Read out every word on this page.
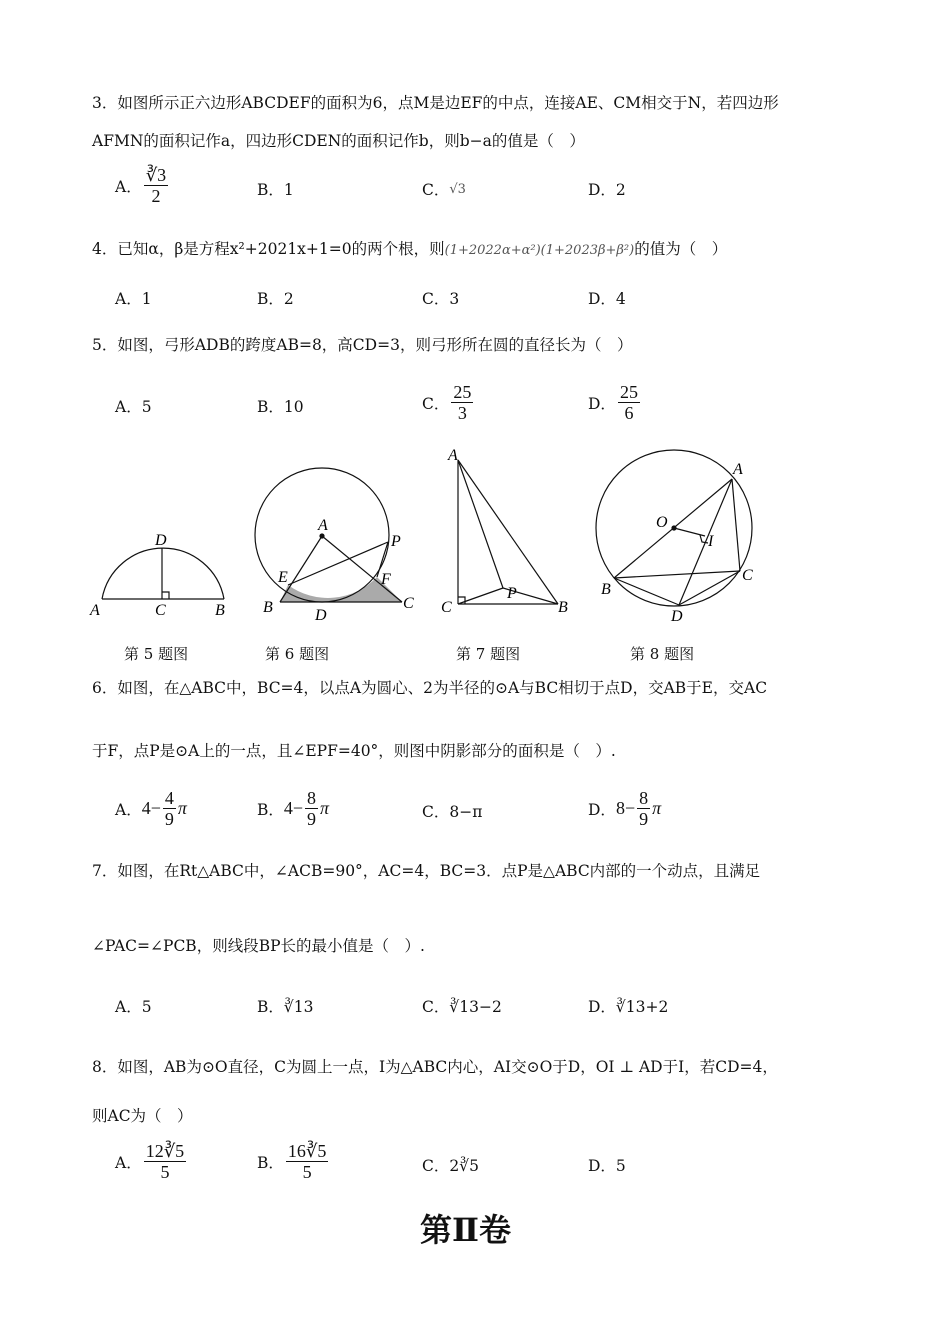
3．如图所示正六边形ABCDEF的面积为6，点M是边EF的中点，连接AE、CM相交于N，若四边形
AFMN的面积记作a，四边形CDEN的面积记作b，则b−a的值是（　）
A． $\frac{∛3}{2}$	B．1	C． √3	D．2
4．已知α，β是方程x²+2021x+1=0的两个根，则(1+2022α+α²)(1+2023β+β²)的值为（　）
A．1	B．2	C．3	D．4
5．如图，弓形ADB的跨度AB=8，高CD=3，则弓形所在圆的直径长为（　）
A．5	B．10	C． $\frac{25}{3}$	D． $\frac{25}{6}$
D
A	C	B
A
P
E	F
B	D
C
A
C
P
B
A
O
I
C
B
D
第 5 题图	第 6 题图	第 7 题图	第 8 题图
6．如图，在△ABC中，BC=4，以点A为圆心、2为半径的⊙A与BC相切于点D，交AB于E，交AC
于F，点P是⊙A上的一点，且∠EPF=40°，则图中阴影部分的面积是（　）.
A． $4- \frac{4}{9}$ π	B． $4- \frac{8}{9}$ π	C．8−π	D． $8- \frac{8}{9}$ π
7．如图，在Rt△ABC中，∠ACB=90°，AC=4，BC=3．点P是△ABC内部的一个动点，且满足
∠PAC=∠PCB，则线段BP长的最小值是（　）.
A．5	B．∛13	C．∛13−2	D．∛13+2
8．如图，AB为⊙O直径，C为圆上一点，I为△ABC内心，AI交⊙O于D，OI ⊥ AD于I，若CD=4，
则AC为（　）
A． $\frac{12∛5}{5}$	B． $\frac{16∛5}{5}$	C．2∛5	D．5
第Ⅱ卷
